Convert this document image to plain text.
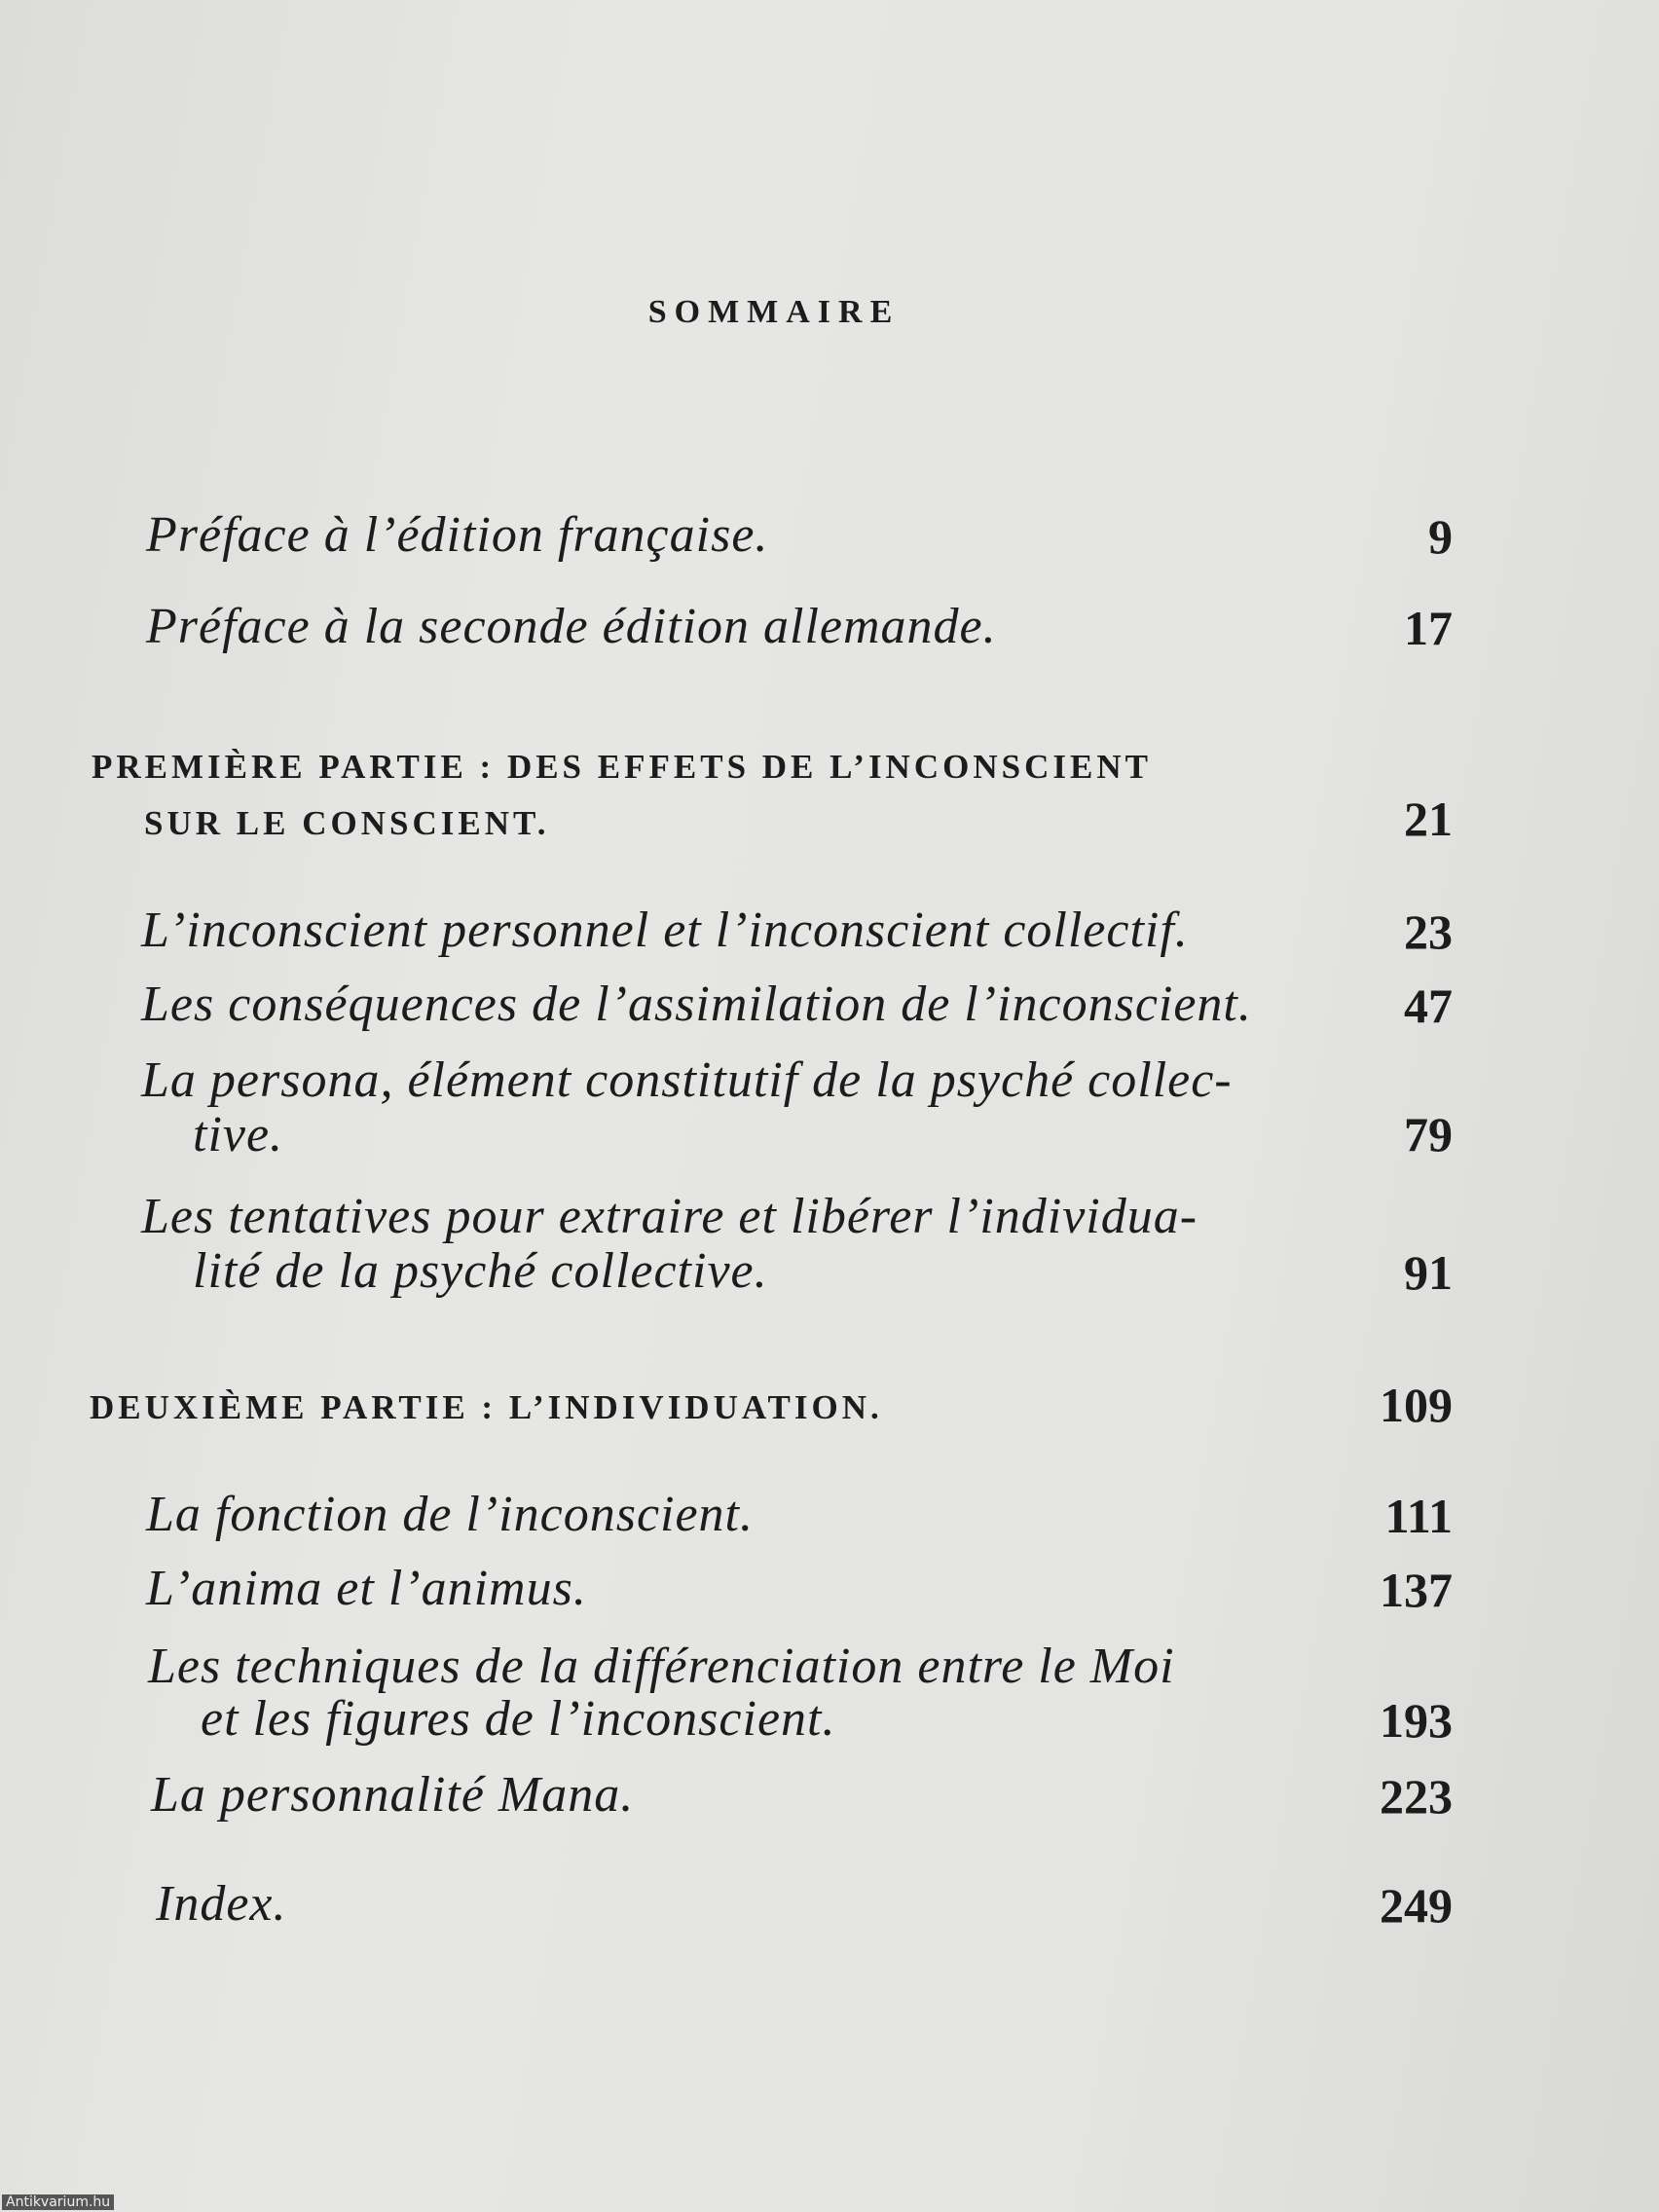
SOMMAIRE
Préface à l’édition française.	9
Préface à la seconde édition allemande.	17
PREMIÈRE PARTIE : DES EFFETS DE L’INCONSCIENT
SUR LE CONSCIENT.	21
L’inconscient personnel et l’inconscient collectif.	23
Les conséquences de l’assimilation de l’inconscient.	47
La persona, élément constitutif de la psyché collec-
tive.	79
Les tentatives pour extraire et libérer l’individua-
lité de la psyché collective.	91
DEUXIÈME PARTIE : L’INDIVIDUATION.	109
La fonction de l’inconscient.	111
L’anima et l’animus.	137
Les techniques de la différenciation entre le Moi
et les figures de l’inconscient.	193
La personnalité Mana.	223
Index.	249
Antikvarium.hu
